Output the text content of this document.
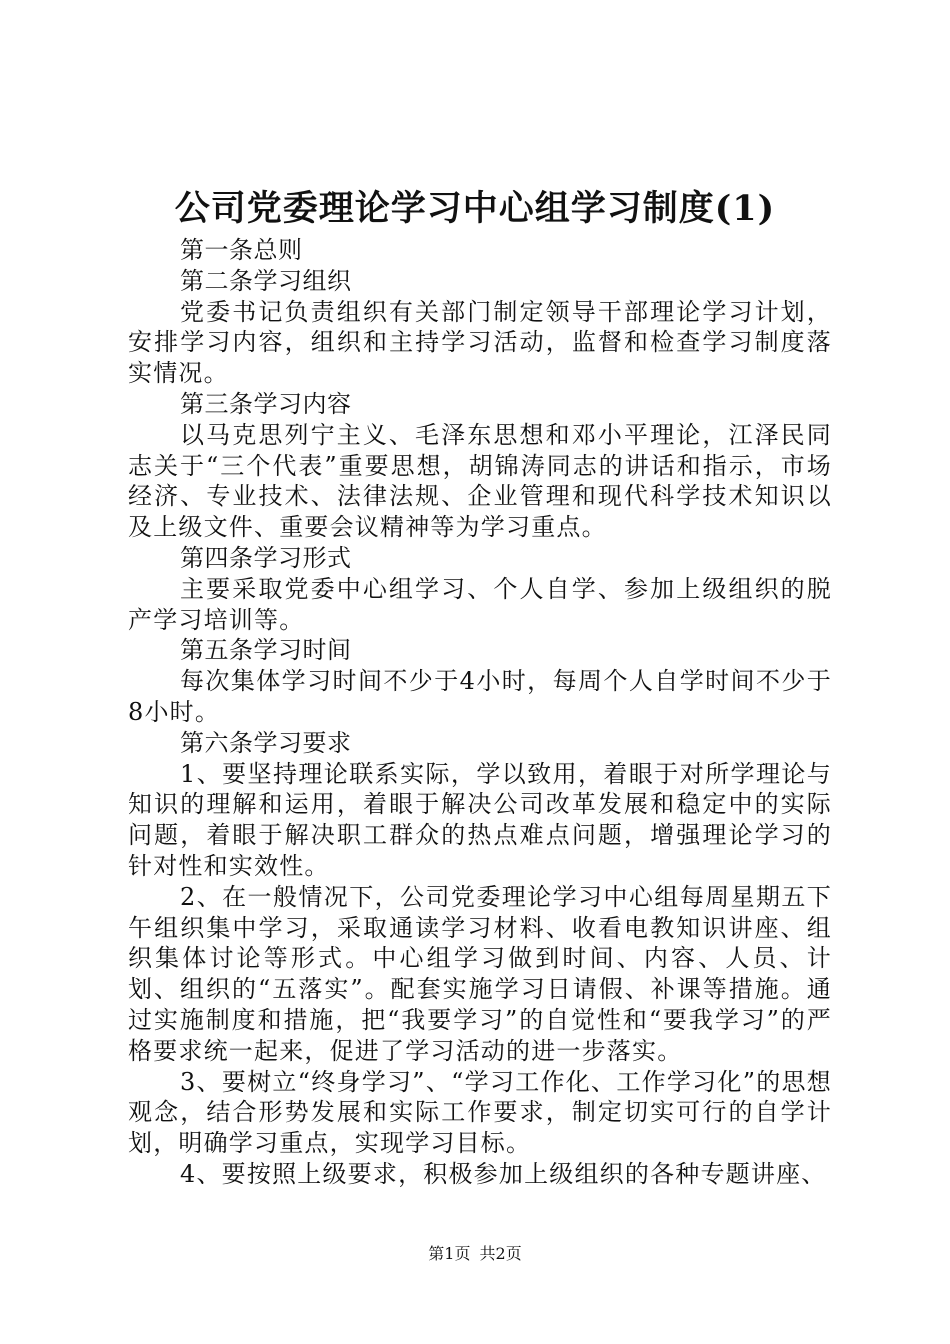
公司党委理论学习中心组学习制度(1)

第一条总则

第二条学习组织

党委书记负责组织有关部门制定领导干部理论学习计划，安排学习内容，组织和主持学习活动，监督和检查学习制度落实情况。

第三条学习内容

以马克思列宁主义、毛泽东思想和邓小平理论，江泽民同志关于“三个代表”重要思想，胡锦涛同志的讲话和指示，市场经济、专业技术、法律法规、企业管理和现代科学技术知识以及上级文件、重要会议精神等为学习重点。

第四条学习形式

主要采取党委中心组学习、个人自学、参加上级组织的脱产学习培训等。

第五条学习时间

每次集体学习时间不少于4小时，每周个人自学时间不少于8小时。

第六条学习要求

1、要坚持理论联系实际，学以致用，着眼于对所学理论与知识的理解和运用，着眼于解决公司改革发展和稳定中的实际问题，着眼于解决职工群众的热点难点问题，增强理论学习的针对性和实效性。

2、在一般情况下，公司党委理论学习中心组每周星期五下午组织集中学习，采取通读学习材料、收看电教知识讲座、组织集体讨论等形式。中心组学习做到时间、内容、人员、计划、组织的“五落实”。配套实施学习日请假、补课等措施。通过实施制度和措施，把“我要学习”的自觉性和“要我学习”的严格要求统一起来，促进了学习活动的进一步落实。

3、要树立“终身学习”、“学习工作化、工作学习化”的思想观念，结合形势发展和实际工作要求，制定切实可行的自学计划，明确学习重点，实现学习目标。

4、要按照上级要求，积极参加上级组织的各种专题讲座、

第1页 共2页
